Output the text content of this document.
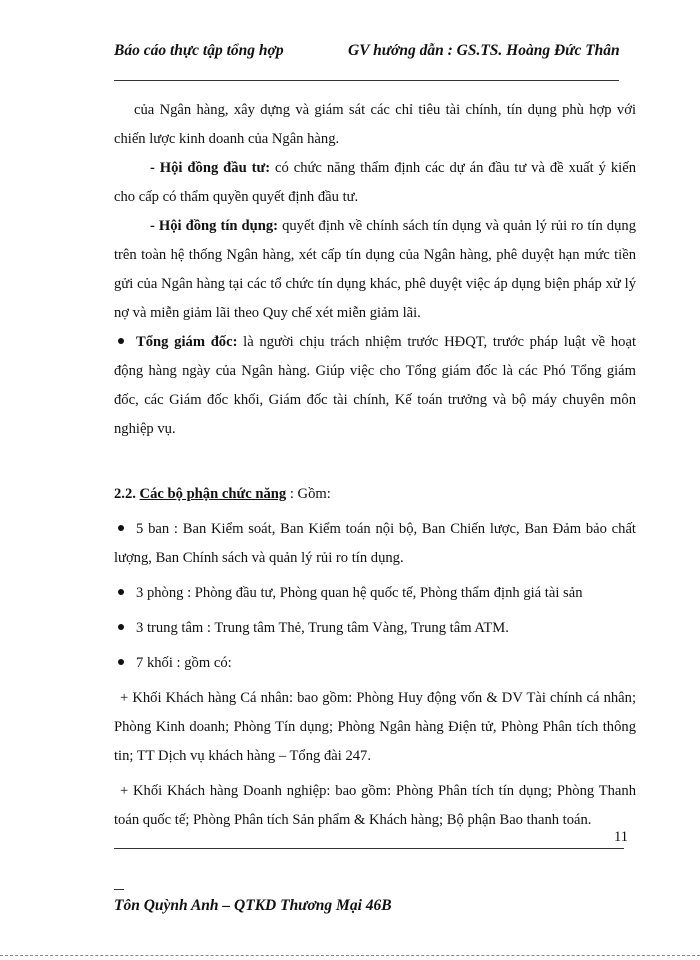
Báo cáo thực tập tổng hợp	GV hướng dẫn : GS.TS. Hoàng Đức Thân

của Ngân hàng, xây dựng và giám sát các chỉ tiêu tài chính, tín dụng phù hợp với chiến lược kinh doanh của Ngân hàng.

- Hội đồng đầu tư: có chức năng thẩm định các dự án đầu tư và đề xuất ý kiến cho cấp có thẩm quyền quyết định đầu tư.

- Hội đồng tín dụng: quyết định về chính sách tín dụng và quản lý rủi ro tín dụng trên toàn hệ thống Ngân hàng, xét cấp tín dụng của Ngân hàng, phê duyệt hạn mức tiền gửi của Ngân hàng tại các tổ chức tín dụng khác, phê duyệt việc áp dụng biện pháp xử lý nợ và miễn giảm lãi theo Quy chế xét miễn giảm lãi.

Tổng giám đốc: là người chịu trách nhiệm trước HĐQT, trước pháp luật về hoạt động hàng ngày của Ngân hàng. Giúp việc cho Tổng giám đốc là các Phó Tổng giám đốc, các Giám đốc khối, Giám đốc tài chính, Kế toán trưởng và bộ máy chuyên môn nghiệp vụ.

2.2. Các bộ phận chức năng : Gồm:

5 ban : Ban Kiểm soát, Ban Kiểm toán nội bộ, Ban Chiến lược, Ban Đảm bảo chất lượng, Ban Chính sách và quản lý rủi ro tín dụng.

3 phòng : Phòng đầu tư, Phòng quan hệ quốc tế, Phòng thẩm định giá tài sản

3 trung tâm : Trung tâm Thẻ, Trung tâm Vàng, Trung tâm ATM.

7 khối : gồm có:

+ Khối Khách hàng Cá nhân: bao gồm: Phòng Huy động vốn & DV Tài chính cá nhân; Phòng Kinh doanh; Phòng Tín dụng; Phòng Ngân hàng Điện tử, Phòng Phân tích thông tin; TT Dịch vụ khách hàng – Tổng đài 247.

+ Khối Khách hàng Doanh nghiệp: bao gồm: Phòng Phân tích tín dụng; Phòng Thanh toán quốc tế; Phòng Phân tích Sản phẩm & Khách hàng; Bộ phận Bao thanh toán.

11
Tôn Quỳnh Anh – QTKD Thương Mại 46B
